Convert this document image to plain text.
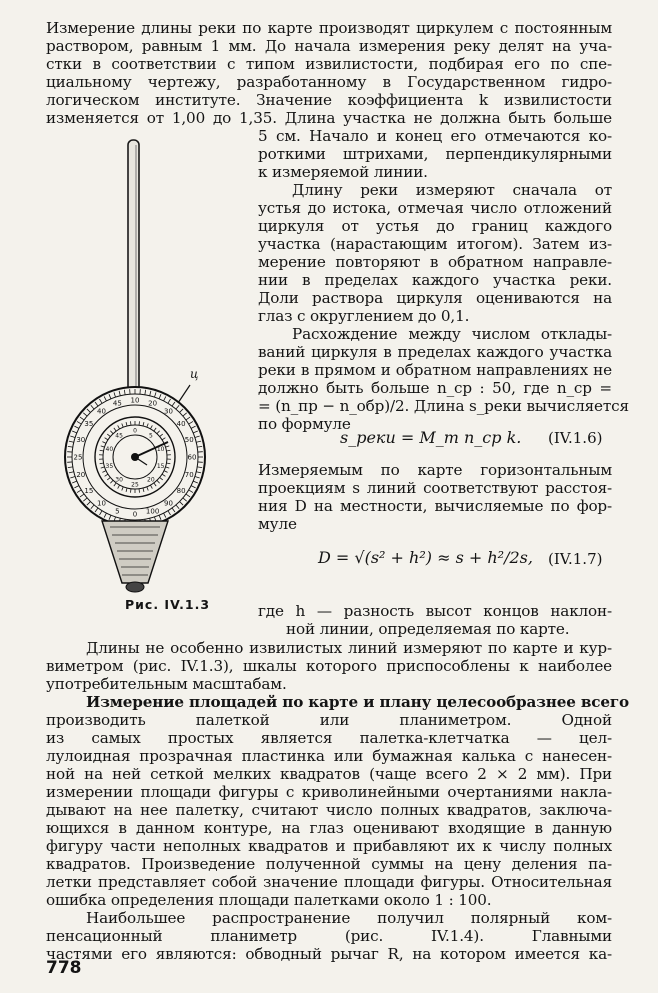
Измерение длины реки по карте производят циркулем с постоянным
раствором, равным 1 мм. До начала измерения реку делят на уча-
стки в соответствии с типом извилистости, подбирая его по спе-
циальному чертежу, разработанному в Государственном гидро-
логическом институте. Значение коэффициента k извилистости
изменяется от 1,00 до 1,35. Длина участка не должна быть больше
5 см. Начало и конец его отмечаются ко-
роткими штрихами, перпендикулярными
к измеряемой линии.
Длину реки измеряют сначала от
устья до истока, отмечая число отложений
циркуля от устья до границ каждого
участка (нарастающим итогом). Затем из-
мерение повторяют в обратном направле-
нии в пределах каждого участка реки.
Доли раствора циркуля оцениваются на
глаз с округлением до 0,1.
Расхождение между числом отклады-
ваний циркуля в пределах каждого участка
реки в прямом и обратном направлениях не
должно быть больше n_ср : 50, где n_ср =
= (n_пр − n_обр)/2. Длина s_реки вычисляется
по формуле
s_реки = M_т n_ср k. (IV.1.6)
Измеряемым по карте горизонтальным
проекциям s линий соответствуют расстоя-
ния D на местности, вычисляемые по фор-
муле
D = √(s² + h²) ≈ s + h²/2s, (IV.1.7)
где h — разность высот концов наклон-
ной линии, определяемая по карте.
10 20
30
40
50
60
70
80
90
100
0
5
10
15
20
25
30
35
40
45
0
5
10
15
20
25
30
35
40
45
ц
Рис. IV.1.3
Длины не особенно извилистых линий измеряют по карте и кур-
виметром (рис. IV.1.3), шкалы которого приспособлены к наиболее
употребительным масштабам.
Измерение площадей по карте и плану целесообразнее всего
производить палеткой или планиметром. Одной
из самых простых является палетка-клетчатка — цел-
лулоидная прозрачная пластинка или бумажная калька с нанесен-
ной на ней сеткой мелких квадратов (чаще всего 2 × 2 мм). При
измерении площади фигуры с криволинейными очертаниями накла-
дывают на нее палетку, считают число полных квадратов, заключа-
ющихся в данном контуре, на глаз оценивают входящие в данную
фигуру части неполных квадратов и прибавляют их к числу полных
квадратов. Произведение полученной суммы на цену деления па-
летки представляет собой значение площади фигуры. Относительная
ошибка определения площади палетками около 1 : 100.
Наибольшее распространение получил полярный ком-
пенсационный планиметр (рис. IV.1.4). Главными
частями его являются: обводный рычаг R, на котором имеется ка-
778
